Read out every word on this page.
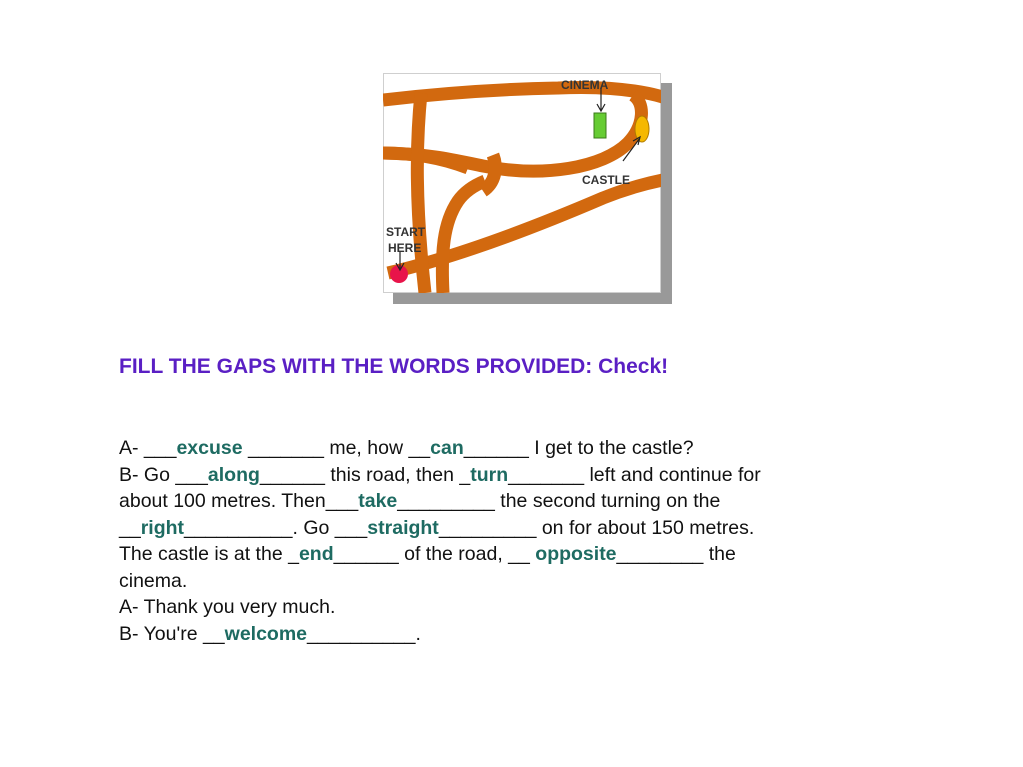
CINEMA
CASTLE
START
HERE
FILL THE GAPS WITH THE WORDS PROVIDED: Check!
A- ___excuse _______ me, how __can______ I get to the castle?
B- Go ___along______ this road, then _turn_______ left and continue for
about 100 metres. Then___take_________ the second turning on the
__right__________. Go ___straight_________ on for about 150 metres.
The castle is at the _end______ of the road, __ opposite________ the
cinema.
A- Thank you very much.
B- You're __welcome__________.
